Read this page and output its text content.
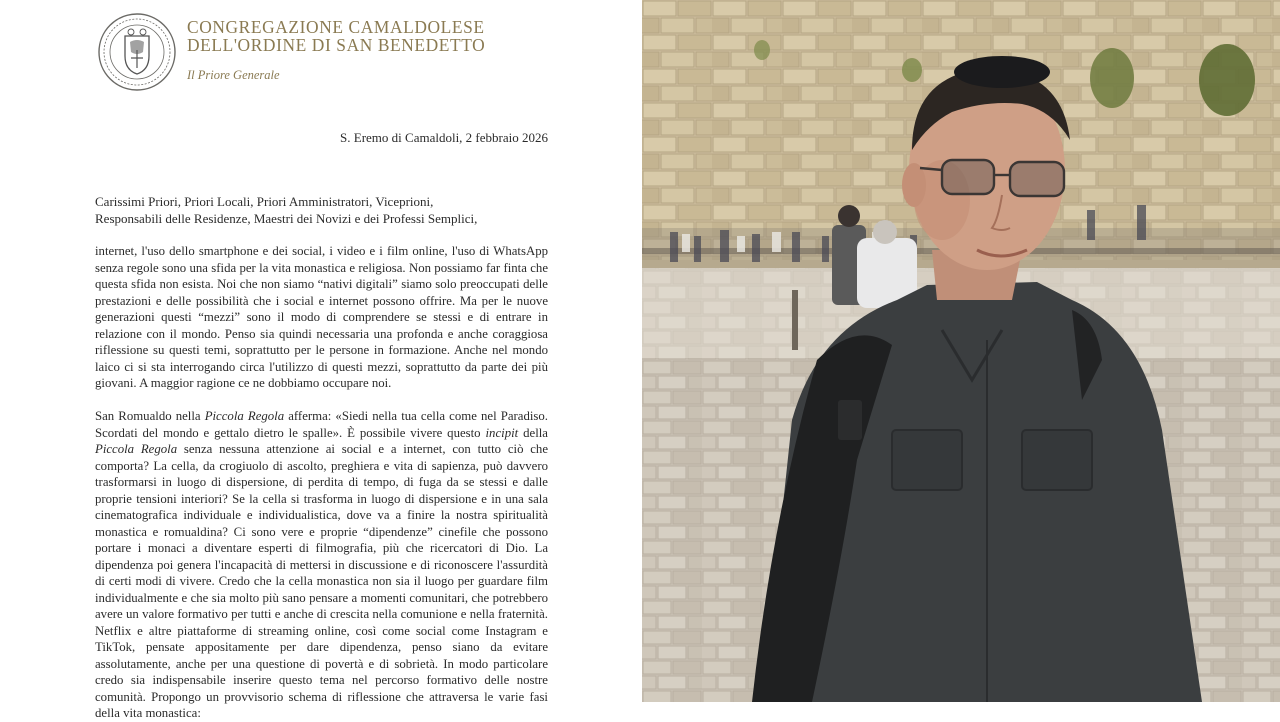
CONGREGAZIONE CAMALDOLESE
DELL'ORDINE DI SAN BENEDETTO
Il Priore Generale
S. Eremo di Camaldoli, 2 febbraio 2026
Carissimi Priori, Priori Locali, Priori Amministratori, Viceprioni,
Responsabili delle Residenze, Maestri dei Novizi e dei Professi Semplici,

internet, l'uso dello smartphone e dei social, i video e i film online, l'uso di WhatsApp senza regole sono una sfida per la vita monastica e religiosa. Non possiamo far finta che questa sfida non esista. Noi che non siamo “nativi digitali” siamo solo preoccupati delle prestazioni e delle possibilità che i social e internet possono offrire. Ma per le nuove generazioni questi “mezzi” sono il modo di comprendere se stessi e di entrare in relazione con il mondo. Penso sia quindi necessaria una profonda e anche coraggiosa riflessione su questi temi, soprattutto per le persone in formazione. Anche nel mondo laico ci si sta interrogando circa l'utilizzo di questi mezzi, soprattutto da parte dei più giovani. A maggior ragione ce ne dobbiamo occupare noi.

San Romualdo nella Piccola Regola afferma: «Siedi nella tua cella come nel Paradiso. Scordati del mondo e gettalo dietro le spalle». È possibile vivere questo incipit della Piccola Regola senza nessuna attenzione ai social e a internet, con tutto ciò che comporta? La cella, da crogiuolo di ascolto, preghiera e vita di sapienza, può davvero trasformarsi in luogo di dispersione, di perdita di tempo, di fuga da se stessi e dalle proprie tensioni interiori? Se la cella si trasforma in luogo di dispersione e in una sala cinematografica individuale e individualistica, dove va a finire la nostra spiritualità monastica e romualdina? Ci sono vere e proprie “dipendenze” cinefile che possono portare i monaci a diventare esperti di filmografia, più che ricercatori di Dio. La dipendenza poi genera l'incapacità di mettersi in discussione e di riconoscere l'assurdità di certi modi di vivere. Credo che la cella monastica non sia il luogo per guardare film individualmente e che sia molto più sano pensare a momenti comunitari, che potrebbero avere un valore formativo per tutti e anche di crescita nella comunione e nella fraternità. Netflix e altre piattaforme di streaming online, così come social come Instagram e TikTok, pensate appositamente per dare dipendenza, penso siano da evitare assolutamente, anche per una questione di povertà e di sobrietà. In modo particolare credo sia indispensabile inserire questo tema nel percorso formativo delle nostre comunità. Propongo un provvisorio schema di riflessione che attraversa le varie fasi della vita monastica:
